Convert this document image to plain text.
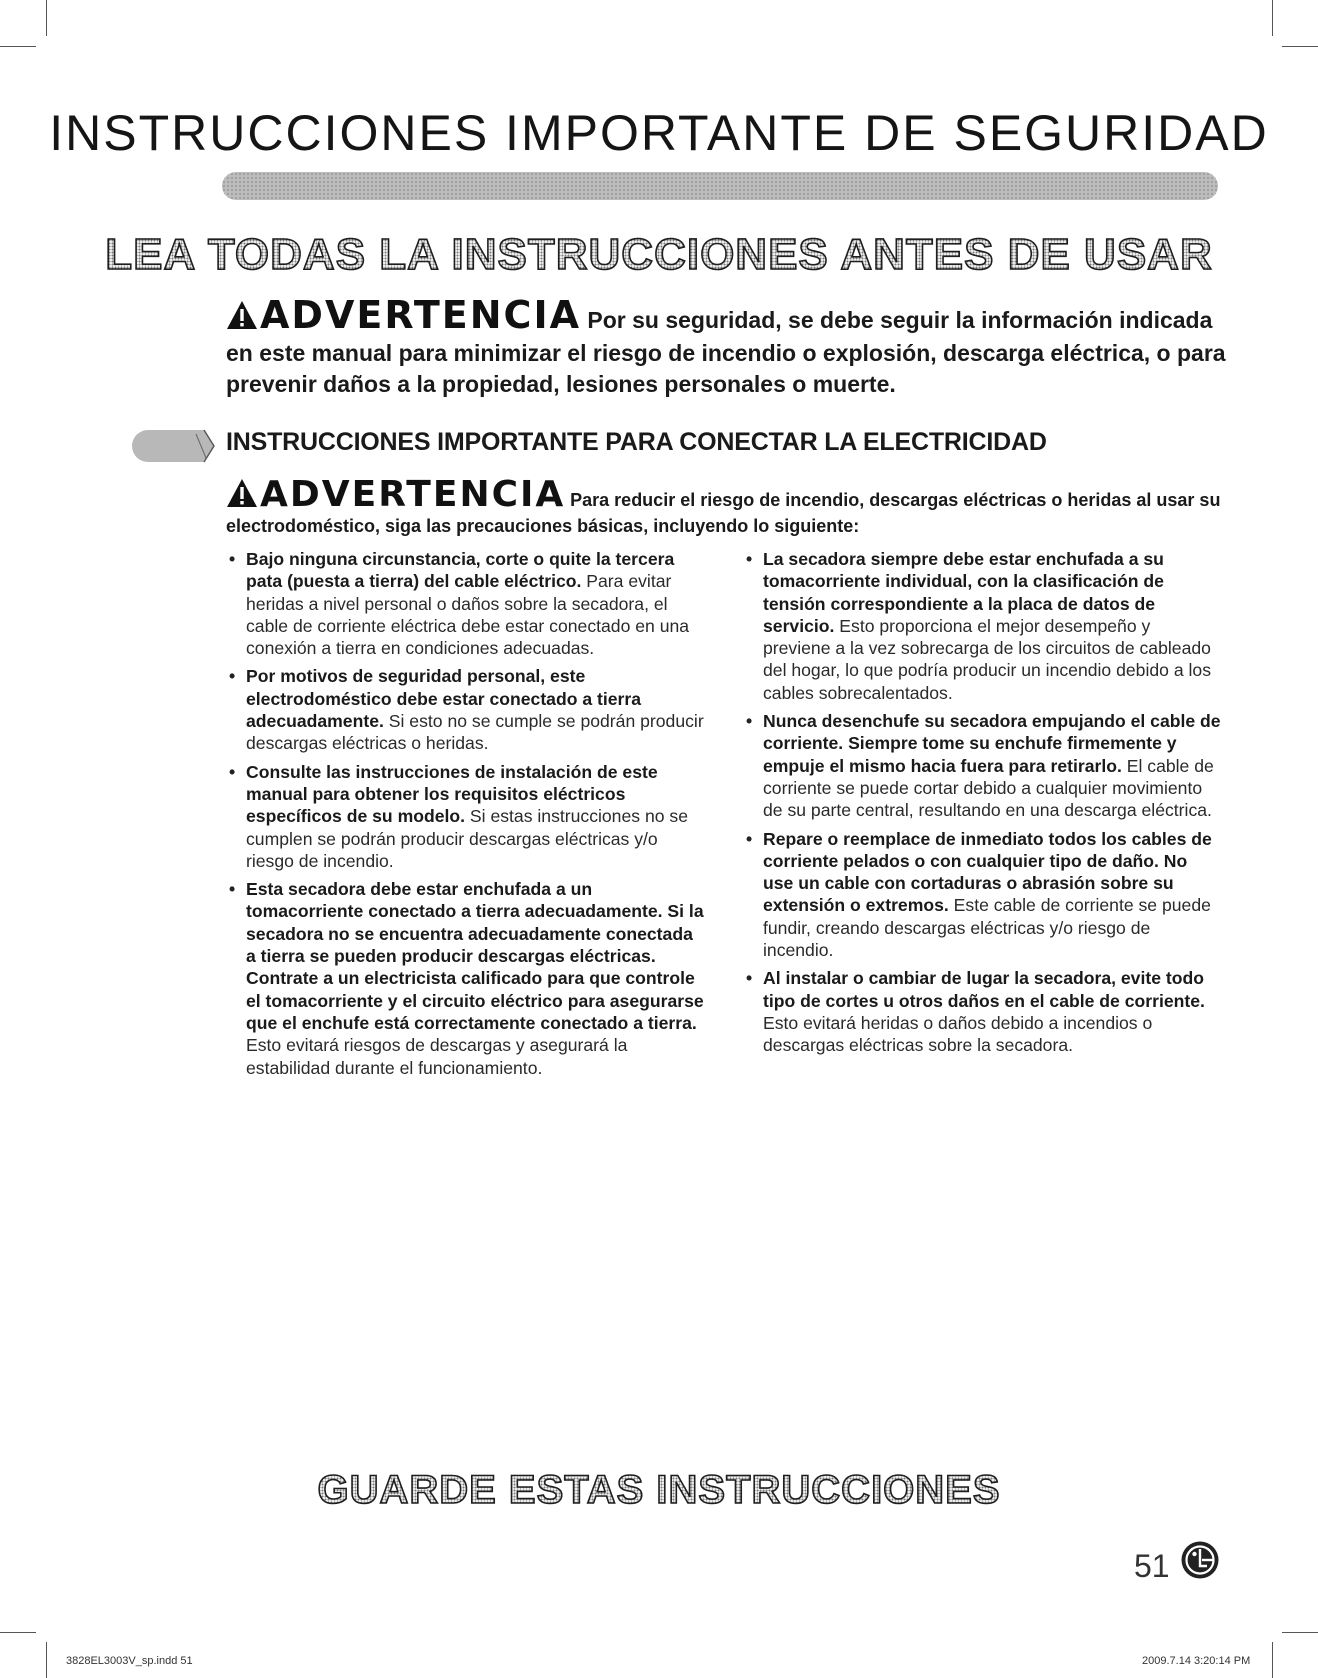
INSTRUCCIONES IMPORTANTE DE SEGURIDAD
LEA TODAS LA INSTRUCCIONES ANTES DE USAR
ADVERTENCIA Por su seguridad, se debe seguir la información indicada en este manual para minimizar el riesgo de incendio o explosión, descarga eléctrica, o para prevenir daños a la propiedad, lesiones personales o muerte.
INSTRUCCIONES IMPORTANTE PARA CONECTAR LA ELECTRICIDAD
ADVERTENCIA Para reducir el riesgo de incendio, descargas eléctricas o heridas al usar su electrodoméstico, siga las precauciones básicas, incluyendo lo siguiente:
• Bajo ninguna circunstancia, corte o quite la tercera pata (puesta a tierra) del cable eléctrico. Para evitar heridas a nivel personal o daños sobre la secadora, el cable de corriente eléctrica debe estar conectado en una conexión a tierra en condiciones adecuadas.
• Por motivos de seguridad personal, este electrodoméstico debe estar conectado a tierra adecuadamente. Si esto no se cumple se podrán producir descargas eléctricas o heridas.
• Consulte las instrucciones de instalación de este manual para obtener los requisitos eléctricos específicos de su modelo. Si estas instrucciones no se cumplen se podrán producir descargas eléctricas y/o riesgo de incendio.
• Esta secadora debe estar enchufada a un tomacorriente conectado a tierra adecuadamente. Si la secadora no se encuentra adecuadamente conectada a tierra se pueden producir descargas eléctricas. Contrate a un electricista calificado para que controle el tomacorriente y el circuito eléctrico para asegurarse que el enchufe está correctamente conectado a tierra. Esto evitará riesgos de descargas y asegurará la estabilidad durante el funcionamiento.
• La secadora siempre debe estar enchufada a su tomacorriente individual, con la clasificación de tensión correspondiente a la placa de datos de servicio. Esto proporciona el mejor desempeño y previene a la vez sobrecarga de los circuitos de cableado del hogar, lo que podría producir un incendio debido a los cables sobrecalentados.
• Nunca desenchufe su secadora empujando el cable de corriente. Siempre tome su enchufe firmemente y empuje el mismo hacia fuera para retirarlo. El cable de corriente se puede cortar debido a cualquier movimiento de su parte central, resultando en una descarga eléctrica.
• Repare o reemplace de inmediato todos los cables de corriente pelados o con cualquier tipo de daño. No use un cable con cortaduras o abrasión sobre su extensión o extremos. Este cable de corriente se puede fundir, creando descargas eléctricas y/o riesgo de incendio.
• Al instalar o cambiar de lugar la secadora, evite todo tipo de cortes u otros daños en el cable de corriente. Esto evitará heridas o daños debido a incendios o descargas eléctricas sobre la secadora.
GUARDE ESTAS INSTRUCCIONES
51
3828EL3003V_sp.indd 51	2009.7.14 3:20:14 PM
